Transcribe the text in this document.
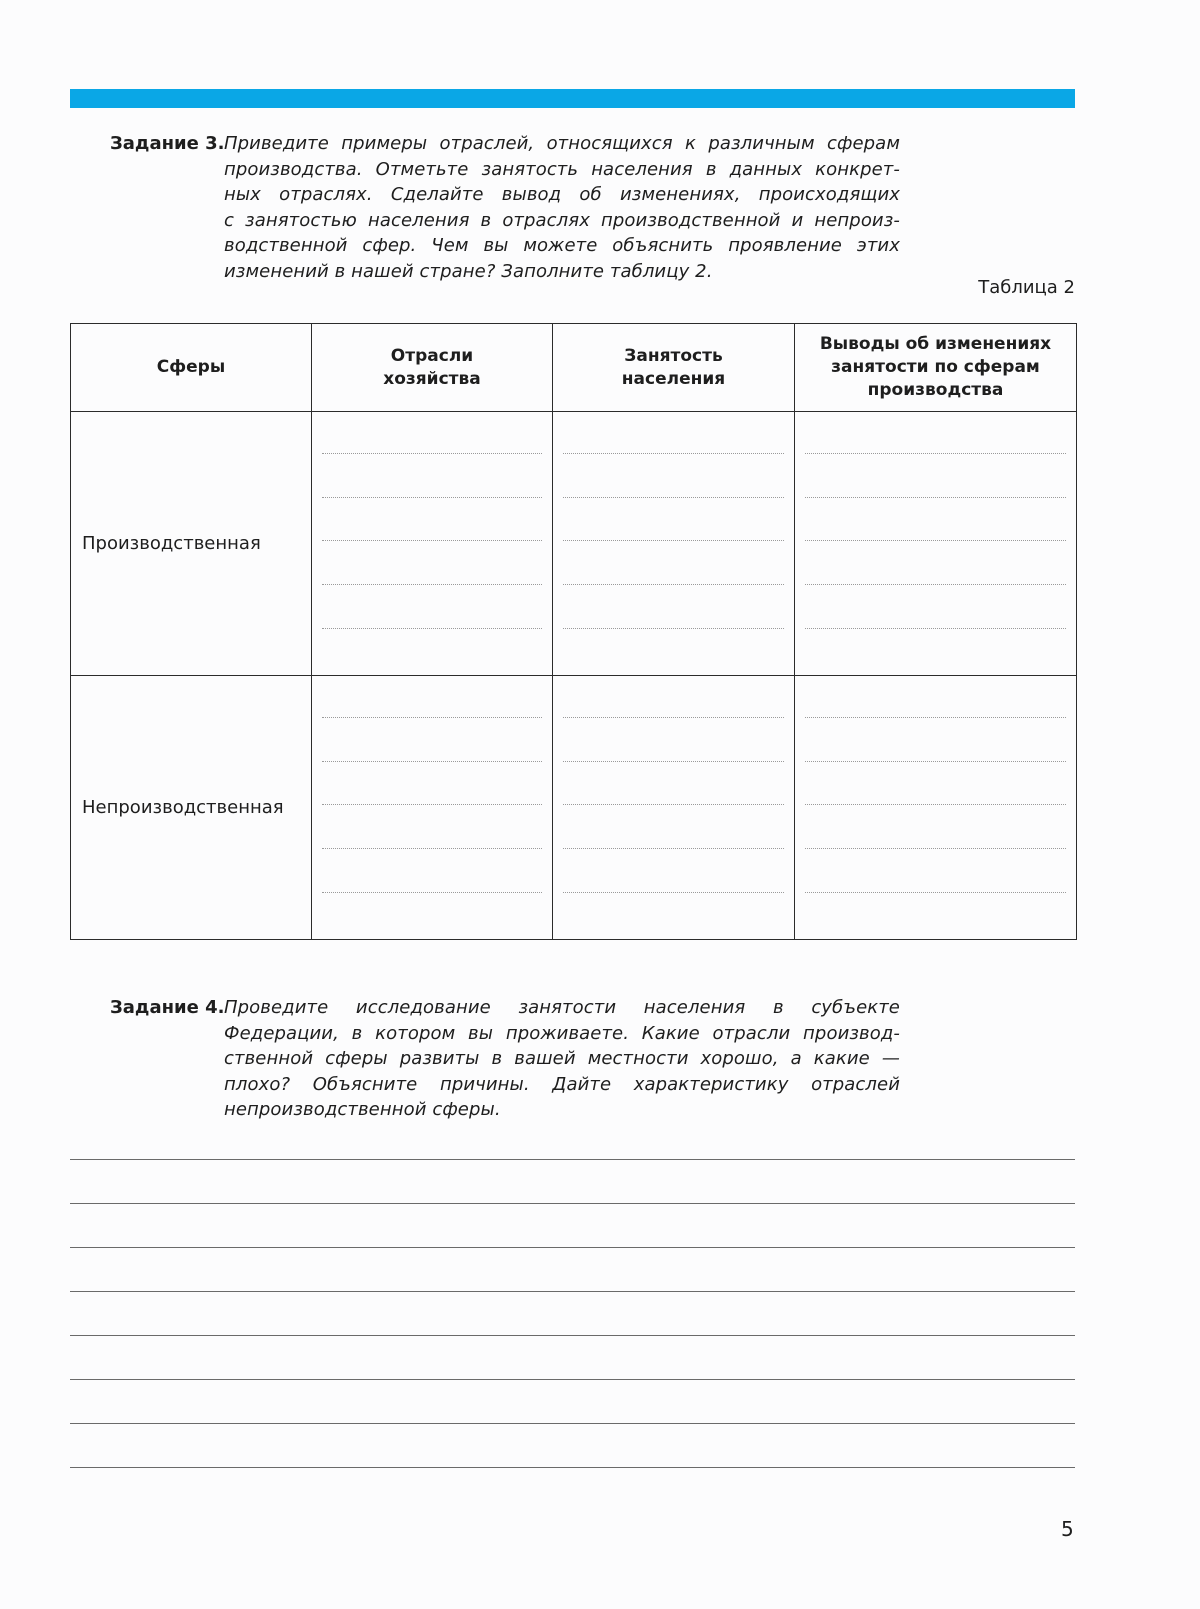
Задание 3. Приведите примеры отраслей, относящихся к различным сферам
производства. Отметьте занятость населения в данных конкрет-
ных отраслях. Сделайте вывод об изменениях, происходящих
с занятостью населения в отраслях производственной и непроиз-
водственной сфер. Чем вы можете объяснить проявление этих
изменений в нашей стране? Заполните таблицу 2.
Таблица 2
Сферы	Отрасли хозяйства	Занятость населения	Выводы об изменениях занятости по сферам производства
Производственная	

Непроизводственная	

Задание 4. Проведите исследование занятости населения в субъекте
Федерации, в котором вы проживаете. Какие отрасли производ-
ственной сферы развиты в вашей местности хорошо, а какие —
плохо? Объясните причины. Дайте характеристику отраслей
непроизводственной сферы.
5
